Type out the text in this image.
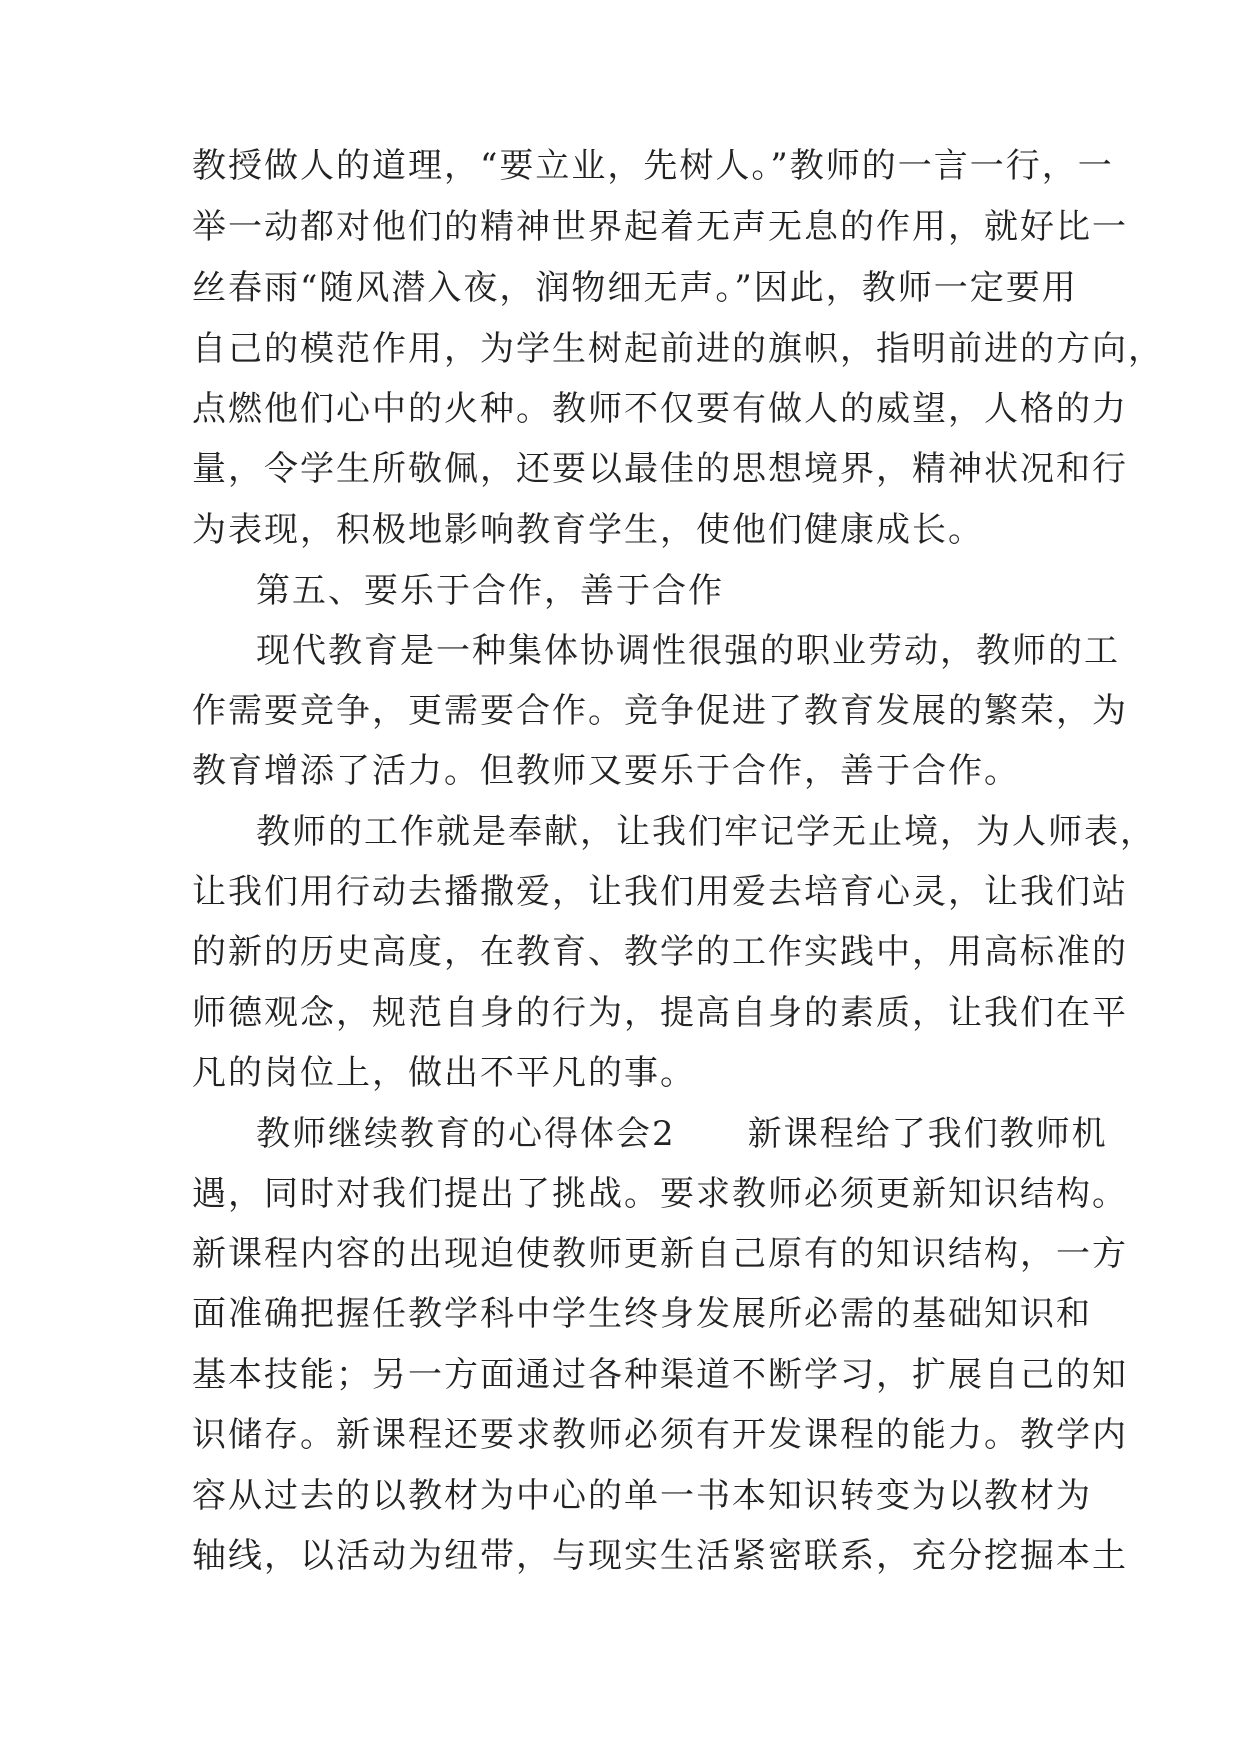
教授做人的道理，“要立业，先树人。”教师的一言一行，一
举一动都对他们的精神世界起着无声无息的作用，就好比一
丝春雨“随风潜入夜，润物细无声。”因此，教师一定要用
自己的模范作用，为学生树起前进的旗帜，指明前进的方向，
点燃他们心中的火种。教师不仅要有做人的威望，人格的力
量，令学生所敬佩，还要以最佳的思想境界，精神状况和行
为表现，积极地影响教育学生，使他们健康成长。
第五、要乐于合作，善于合作
现代教育是一种集体协调性很强的职业劳动，教师的工
作需要竞争，更需要合作。竞争促进了教育发展的繁荣，为
教育增添了活力。但教师又要乐于合作，善于合作。
教师的工作就是奉献，让我们牢记学无止境，为人师表，
让我们用行动去播撒爱，让我们用爱去培育心灵，让我们站
的新的历史高度，在教育、教学的工作实践中，用高标准的
师德观念，规范自身的行为，提高自身的素质，让我们在平
凡的岗位上，做出不平凡的事。
教师继续教育的心得体会2　　新课程给了我们教师机
遇，同时对我们提出了挑战。要求教师必须更新知识结构。
新课程内容的出现迫使教师更新自己原有的知识结构，一方
面准确把握任教学科中学生终身发展所必需的基础知识和
基本技能；另一方面通过各种渠道不断学习，扩展自己的知
识储存。新课程还要求教师必须有开发课程的能力。教学内
容从过去的以教材为中心的单一书本知识转变为以教材为
轴线，以活动为纽带，与现实生活紧密联系，充分挖掘本土
